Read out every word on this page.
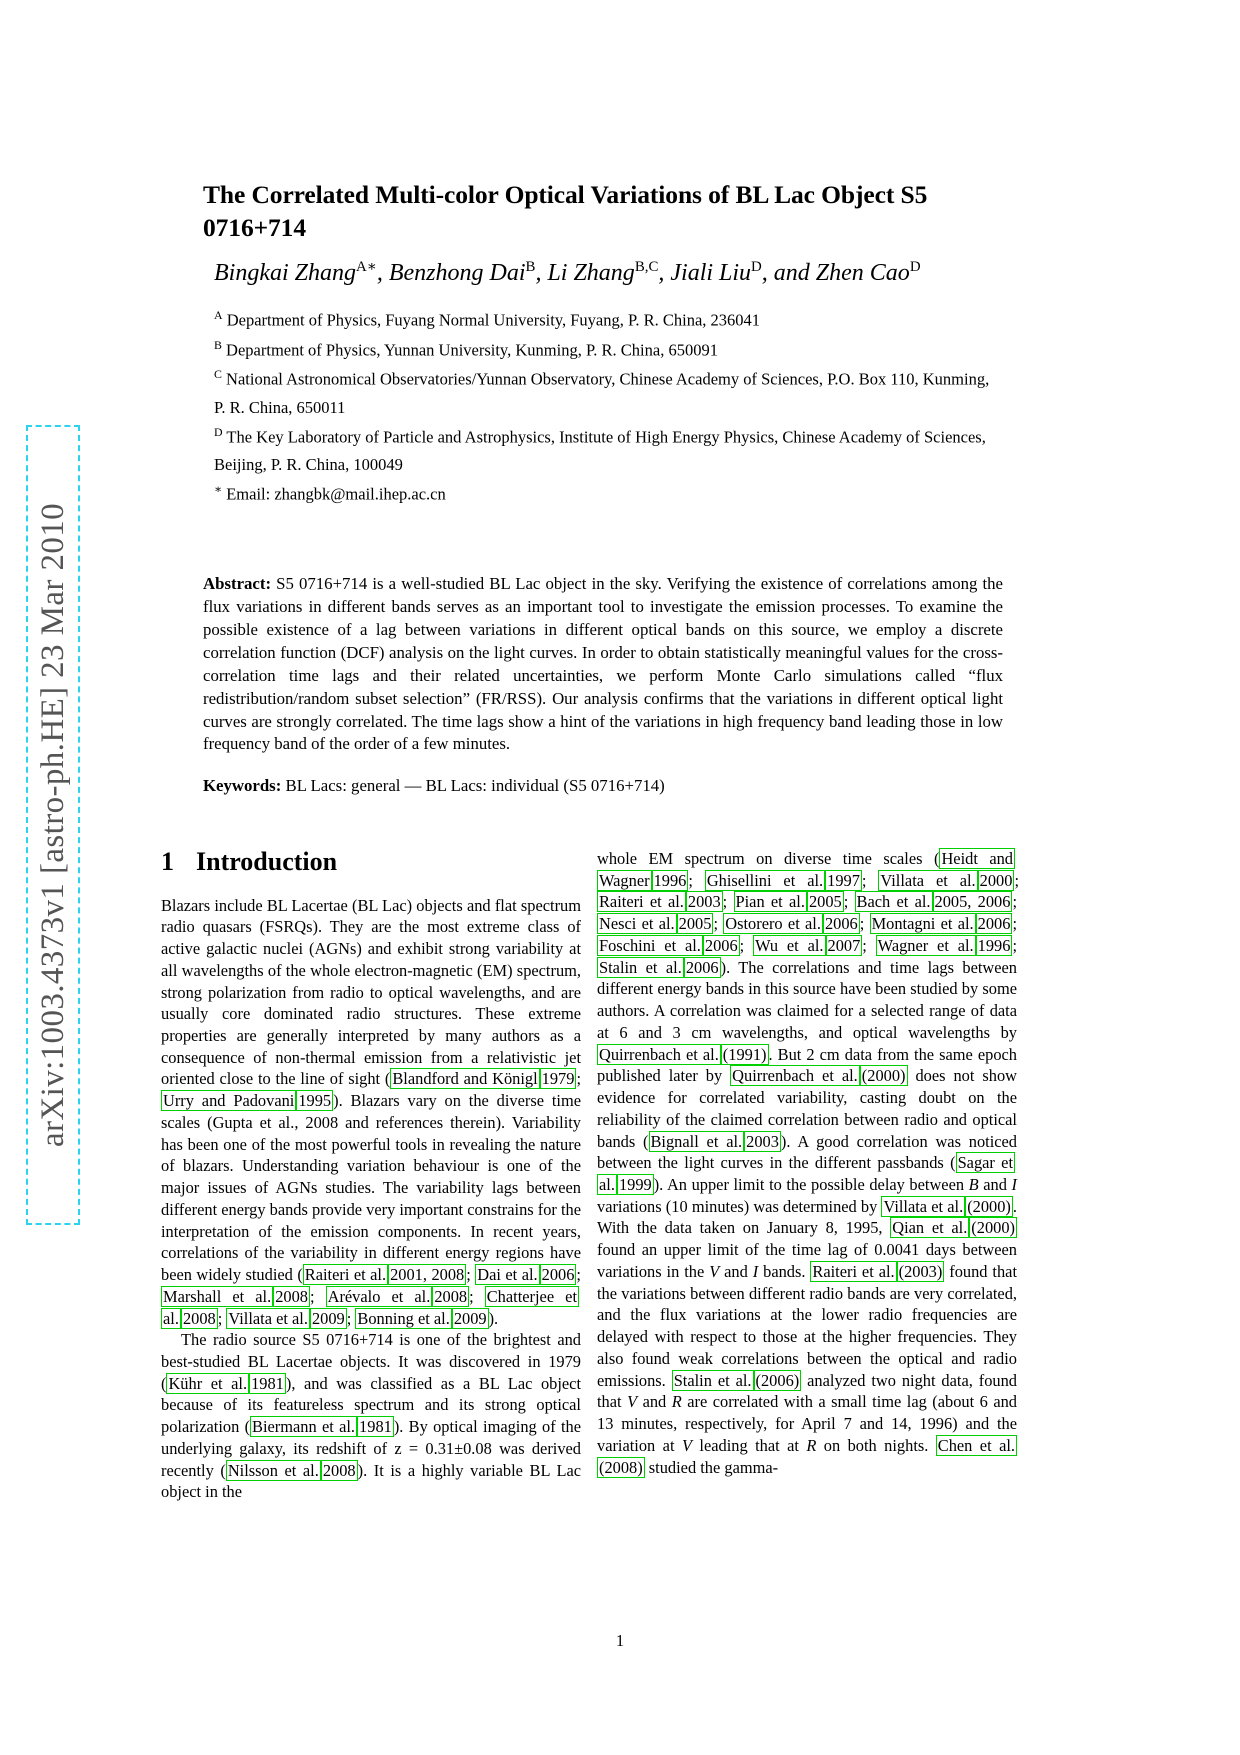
arXiv:1003.4373v1 [astro-ph.HE] 23 Mar 2010
The Correlated Multi-color Optical Variations of BL Lac Object S5 0716+714
Bingkai Zhang$^{A∗}$, Benzhong Dai$^B$, Li Zhang$^{B,C}$, Jiali Liu$^D$, and Zhen Cao$^D$

$^A$ Department of Physics, Fuyang Normal University, Fuyang, P. R. China, 236041

$^B$ Department of Physics, Yunnan University, Kunming, P. R. China, 650091

$^C$ National Astronomical Observatories/Yunnan Observatory, Chinese Academy of Sciences, P.O. Box 110, Kunming, P. R. China, 650011

$^D$ The Key Laboratory of Particle and Astrophysics, Institute of High Energy Physics, Chinese Academy of Sciences, Beijing, P. R. China, 100049

∗ Email: zhangbk@mail.ihep.ac.cn

Abstract: S5 0716+714 is a well-studied BL Lac object in the sky. Verifying the existence of correlations among the flux variations in different bands serves as an important tool to investigate the emission processes. To examine the possible existence of a lag between variations in different optical bands on this source, we employ a discrete correlation function (DCF) analysis on the light curves. In order to obtain statistically meaningful values for the cross-correlation time lags and their related uncertainties, we perform Monte Carlo simulations called “flux redistribution/random subset selection” (FR/RSS). Our analysis confirms that the variations in different optical light curves are strongly correlated. The time lags show a hint of the variations in high frequency band leading those in low frequency band of the order of a few minutes.
Keywords: BL Lacs: general — BL Lacs: individual (S5 0716+714)
1 Introduction

Blazars include BL Lacertae (BL Lac) objects and flat spectrum radio quasars (FSRQs). They are the most extreme class of active galactic nuclei (AGNs) and exhibit strong variability at all wavelengths of the whole electron-magnetic (EM) spectrum, strong polarization from radio to optical wavelengths, and are usually core dominated radio structures. These extreme properties are generally interpreted by many authors as a consequence of non-thermal emission from a relativistic jet oriented close to the line of sight ( Blandford and Königl 1979 ; Urry and Padovani 1995 ). Blazars vary on the diverse time scales (Gupta et al., 2008 and references therein). Variability has been one of the most powerful tools in revealing the nature of blazars. Understanding variation behaviour is one of the major issues of AGNs studies. The variability lags between different energy bands provide very important constrains for the interpretation of the emission components. In recent years, correlations of the variability in different energy regions have been widely studied ( Raiteri et al. 2001, 2008 ; Dai et al. 2006 ; Marshall et al. 2008 ; Arévalo et al. 2008 ; Chatterjee et al. 2008 ; Villata et al. 2009 ; Bonning et al. 2009 ).

The radio source S5 0716+714 is one of the brightest and best-studied BL Lacertae objects. It was discovered in 1979 ( Kühr et al. 1981 ), and was classified as a BL Lac object because of its featureless spectrum and its strong optical polarization ( Biermann et al. 1981 ). By optical imaging of the underlying galaxy, its redshift of z = 0.31±0.08 was derived recently ( Nilsson et al. 2008 ). It is a highly variable BL Lac object in the

whole EM spectrum on diverse time scales ( Heidt and Wagner 1996 ; Ghisellini et al. 1997 ; Villata et al. 2000 ; Raiteri et al. 2003 ; Pian et al. 2005 ; Bach et al. 2005, 2006 ; Nesci et al. 2005 ; Ostorero et al. 2006 ; Montagni et al. 2006 ; Foschini et al. 2006 ; Wu et al. 2007 ; Wagner et al. 1996 ; Stalin et al. 2006 ). The correlations and time lags between different energy bands in this source have been studied by some authors. A correlation was claimed for a selected range of data at 6 and 3 cm wavelengths, and optical wavelengths by Quirrenbach et al. (1991) . But 2 cm data from the same epoch published later by Quirrenbach et al. (2000) does not show evidence for correlated variability, casting doubt on the reliability of the claimed correlation between radio and optical bands ( Bignall et al. 2003 ). A good correlation was noticed between the light curves in the different passbands ( Sagar et al. 1999 ). An upper limit to the possible delay between B and I variations (10 minutes) was determined by Villata et al. (2000) . With the data taken on January 8, 1995, Qian et al. (2000) found an upper limit of the time lag of 0.0041 days between variations in the V and I bands. Raiteri et al. (2003) found that the variations between different radio bands are very correlated, and the flux variations at the lower radio frequencies are delayed with respect to those at the higher frequencies. They also found weak correlations between the optical and radio emissions. Stalin et al. (2006) analyzed two night data, found that V and R are correlated with a small time lag (about 6 and 13 minutes, respectively, for April 7 and 14, 1996) and the variation at V leading that at R on both nights. Chen et al.(2008) studied the gamma-

1
